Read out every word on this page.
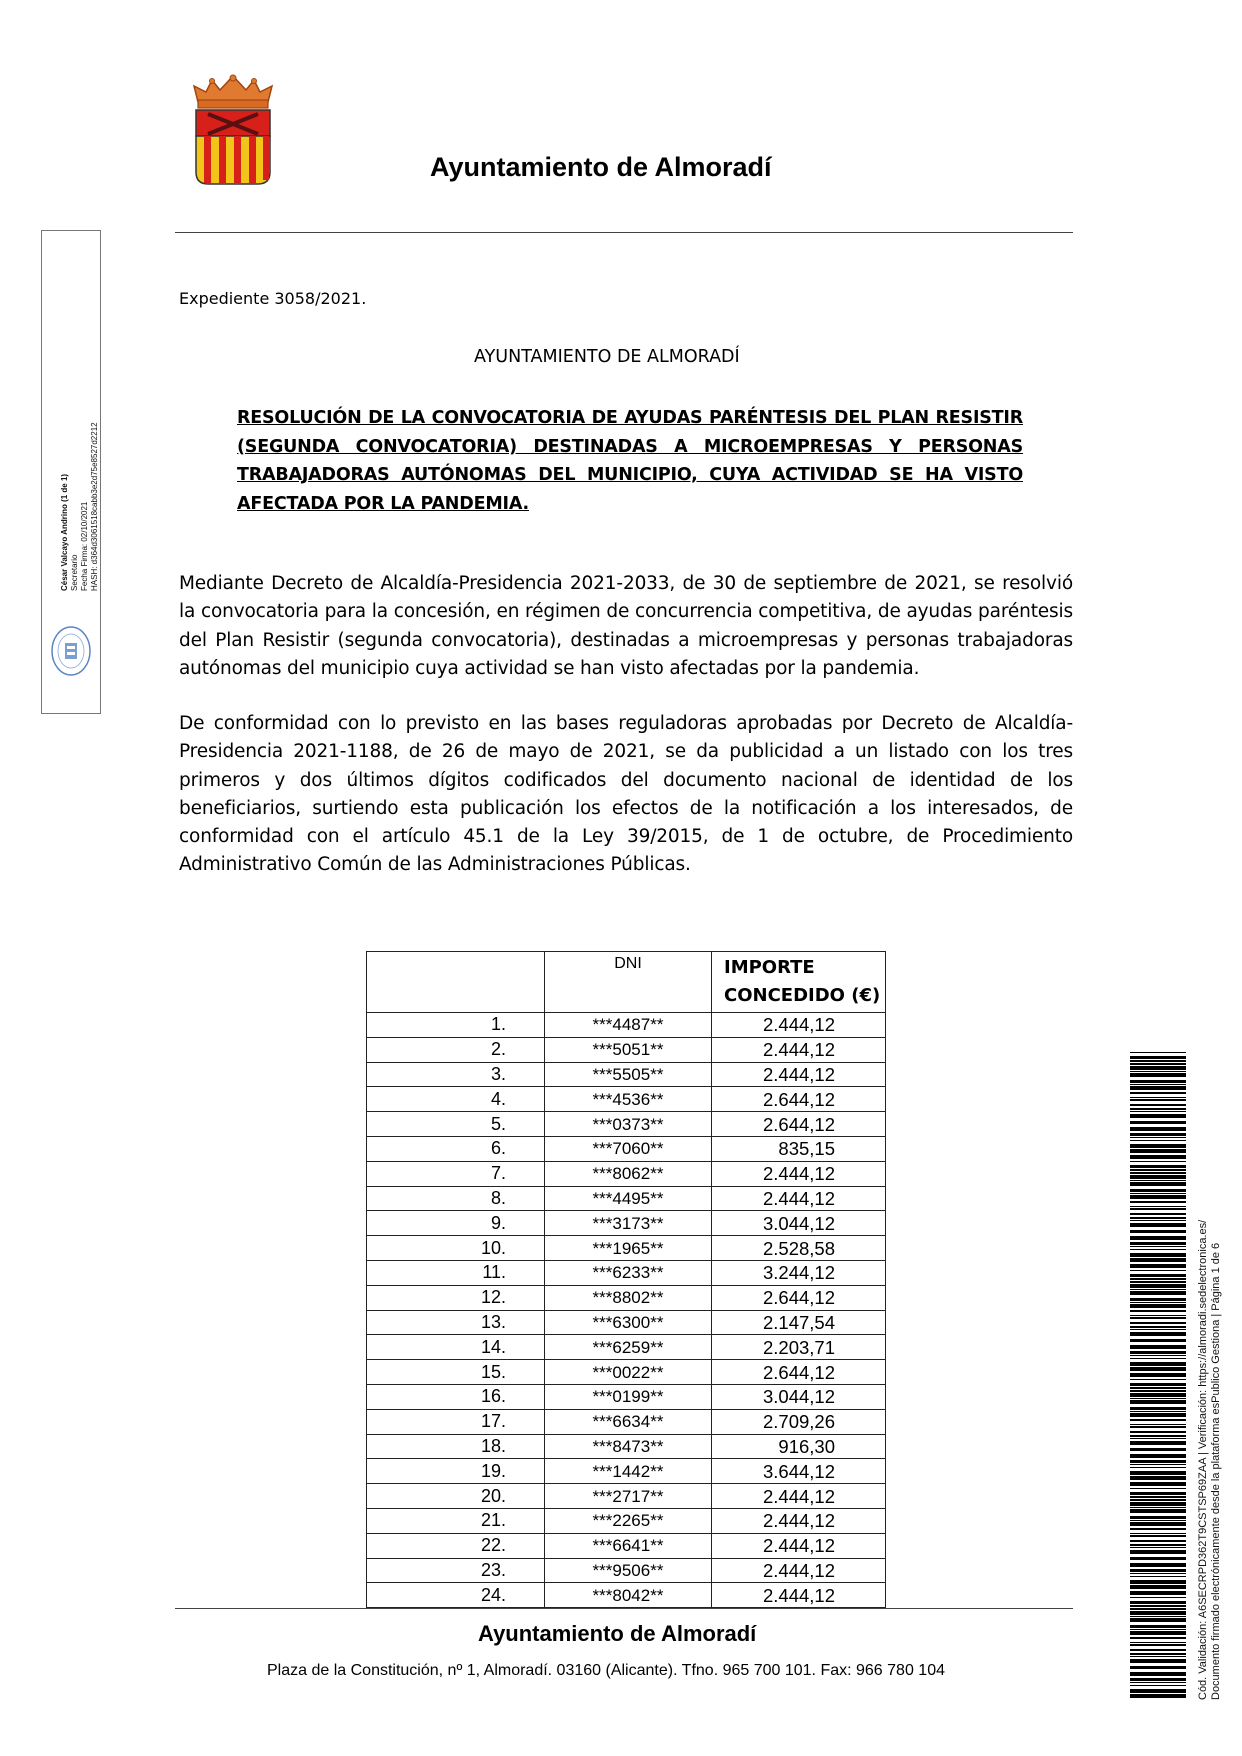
Ayuntamiento de Almoradí
César Valcayo Andrino (1 de 1) Secretario Fecha Firma: 02/10/2021 HASH: d364d3061518cabb3e2d75e8527d2212
Expediente 3058/2021.
AYUNTAMIENTO DE ALMORADÍ
RESOLUCIÓN DE LA CONVOCATORIA DE AYUDAS PARÉNTESIS DEL PLAN RESISTIR (SEGUNDA CONVOCATORIA) DESTINADAS A MICROEMPRESAS Y PERSONAS TRABAJADORAS AUTÓNOMAS DEL MUNICIPIO, CUYA ACTIVIDAD SE HA VISTO AFECTADA POR LA PANDEMIA.
Mediante Decreto de Alcaldía-Presidencia 2021-2033, de 30 de septiembre de 2021, se resolvió la convocatoria para la concesión, en régimen de concurrencia competitiva, de ayudas paréntesis del Plan Resistir (segunda convocatoria), destinadas a microempresas y personas trabajadoras autónomas del municipio cuya actividad se han visto afectadas por la pandemia.
De conformidad con lo previsto en las bases reguladoras aprobadas por Decreto de Alcaldía-Presidencia 2021-1188, de 26 de mayo de 2021, se da publicidad a un listado con los tres primeros y dos últimos dígitos codificados del documento nacional de identidad de los beneficiarios, surtiendo esta publicación los efectos de la notificación a los interesados, de conformidad con el artículo 45.1 de la Ley 39/2015, de 1 de octubre, de Procedimiento Administrativo Común de las Administraciones Públicas.
	DNI	IMPORTE CONCEDIDO (€)
1.	***4487**	2.444,12
2.	***5051**	2.444,12
3.	***5505**	2.444,12
4.	***4536**	2.644,12
5.	***0373**	2.644,12
6.	***7060**	835,15
7.	***8062**	2.444,12
8.	***4495**	2.444,12
9.	***3173**	3.044,12
10.	***1965**	2.528,58
11.	***6233**	3.244,12
12.	***8802**	2.644,12
13.	***6300**	2.147,54
14.	***6259**	2.203,71
15.	***0022**	2.644,12
16.	***0199**	3.044,12
17.	***6634**	2.709,26
18.	***8473**	916,30
19.	***1442**	3.644,12
20.	***2717**	2.444,12
21.	***2265**	2.444,12
22.	***6641**	2.444,12
23.	***9506**	2.444,12
24.	***8042**	2.444,12
Ayuntamiento de Almoradí
Plaza de la Constitución, nº 1, Almoradí. 03160 (Alicante). Tfno. 965 700 101. Fax: 966 780 104	Cód. Validación: A6SECRPD362T9CSTSP69ZAA | Verificación: https://almoradi.sedelectronica.es/ Documento firmado electrónicamente desde la plataforma esPublico Gestiona | Página 1 de 6
